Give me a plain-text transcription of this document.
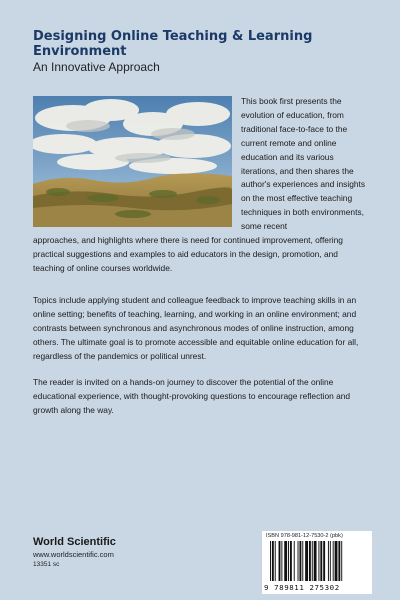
Designing Online Teaching & Learning Environment
An Innovative Approach
This book first presents the evolution of education, from traditional face-to-face to the current remote and online education and its various iterations, and then shares the author's experiences and insights on the most effective teaching techniques in both environments, some recent
approaches, and highlights where there is need for continued improvement, offering practical suggestions and examples to aid educators in the design, promotion, and teaching of online courses worldwide.
Topics include applying student and colleague feedback to improve teaching skills in an online setting; benefits of teaching, learning, and working in an online environment; and contrasts between synchronous and asynchronous modes of online instruction, among others. The ultimate goal is to promote accessible and equitable online education for all, regardless of the pandemics or political unrest.
The reader is invited on a hands-on journey to discover the potential of the online educational experience, with thought-provoking questions to encourage reflection and growth along the way.
World Scientific
www.worldscientific.com
13351 sc
ISBN 978-981-12-7530-2 (pbk)
9 789811 275302
